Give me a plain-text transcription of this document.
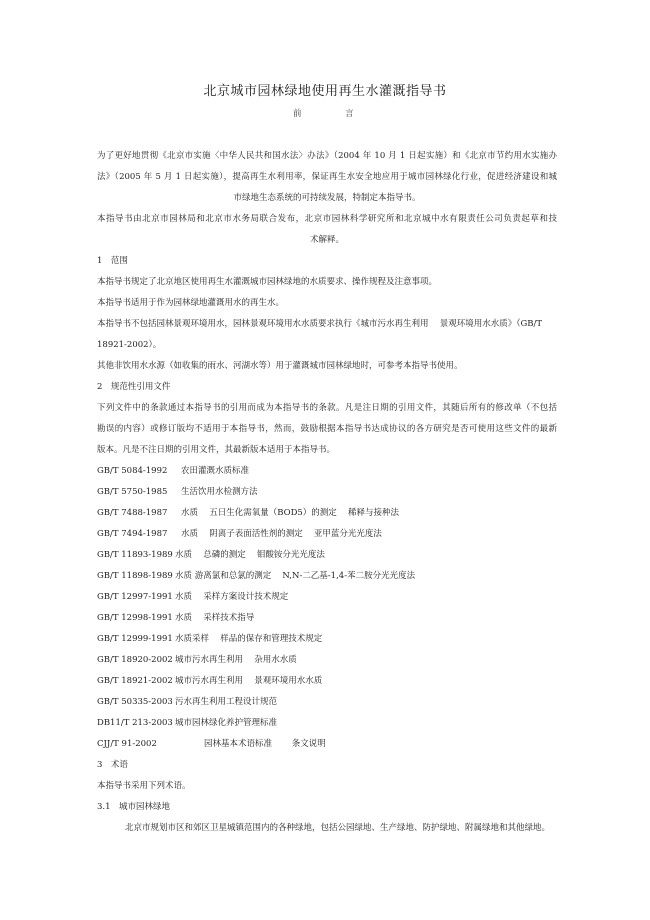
北京城市园林绿地使用再生水灌溉指导书
前	言

为了更好地贯彻《北京市实施〈中华人民共和国水法〉办法》（2004 年 10 月 1 日起实施）和《北京市节约用水实施办

法》（2005 年 5 月 1 日起实施），提高再生水利用率，保证再生水安全地应用于城市园林绿化行业，促进经济建设和城

市绿地生态系统的可持续发展，特制定本指导书。

本指导书由北京市园林局和北京市水务局联合发布，北京市园林科学研究所和北京城中水有限责任公司负责起草和技

术解释。

1　范围

本指导书规定了北京地区使用再生水灌溉城市园林绿地的水质要求、操作规程及注意事项。

本指导书适用于作为园林绿地灌溉用水的再生水。

本指导书不包括园林景观环境用水，园林景观环境用水水质要求执行《城市污水再生利用　 景观环境用水水质》（GB/T

18921-2002）。

其他非饮用水水源（如收集的雨水、河湖水等）用于灌溉城市园林绿地时，可参考本指导书使用。

2　规范性引用文件

下列文件中的条款通过本指导书的引用而成为本指导书的条款。凡是注日期的引用文件，其随后所有的修改单（不包括

勘误的内容）或修订版均不适用于本指导书，然而，鼓励根据本指导书达成协议的各方研究是否可使用这些文件的最新

版本。凡是不注日期的引用文件，其最新版本适用于本指导书。

GB/T 5084-1992	农田灌溉水质标准
GB/T 5750-1985	生活饮用水检测方法
GB/T 7488-1987	水质　 五日生化需氧量（BOD5）的测定　 稀释与接种法
GB/T 7494-1987	水质　 阴离子表面活性剂的测定　 亚甲蓝分光光度法
GB/T 11893-1989 水质　 总磷的测定　 钼酸铵分光光度法
GB/T 11898-1989 水质 游离氯和总氯的测定　 N,N-二乙基-1,4-苯二胺分光光度法
GB/T 12997-1991 水质　 采样方案设计技术规定
GB/T 12998-1991 水质　 采样技术指导
GB/T 12999-1991 水质采样　 样品的保存和管理技术规定
GB/T 18920-2002 城市污水再生利用　 杂用水水质
GB/T 18921-2002 城市污水再生利用　 景观环境用水水质
GB/T 50335-2003 污水再生利用工程设计规范
DB11/T 213-2003 城市园林绿化养护管理标准
CJJ/T 91-2002	园林基本术语标准　　 条文说明

3　术语

本指导书采用下列术语。

3.1　城市园林绿地

北京市规划市区和郊区卫星城镇范围内的各种绿地，包括公园绿地、生产绿地、防护绿地、附属绿地和其他绿地。
